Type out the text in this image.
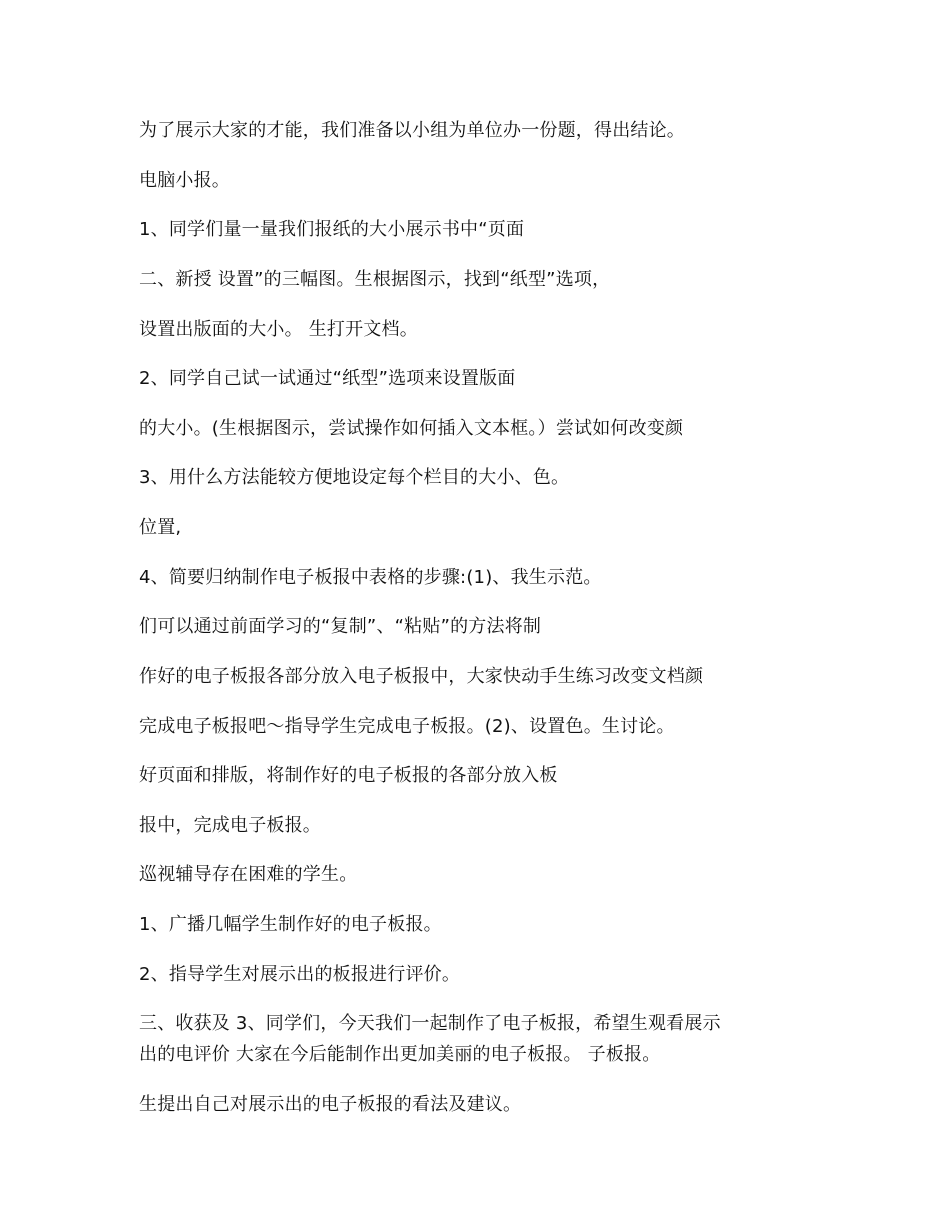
为了展示大家的才能，我们准备以小组为单位办一份题，得出结论。

电脑小报。

1、同学们量一量我们报纸的大小展示书中“页面

二、新授 设置”的三幅图。生根据图示，找到“纸型”选项，

设置出版面的大小。 生打开文档。

2、同学自己试一试通过“纸型”选项来设置版面

的大小。(生根据图示，尝试操作如何插入文本框。）尝试如何改变颜

3、用什么方法能较方便地设定每个栏目的大小、色。

位置,

4、简要归纳制作电子板报中表格的步骤:(1)、我生示范。

们可以通过前面学习的“复制”、“粘贴”的方法将制

作好的电子板报各部分放入电子板报中，大家快动手生练习改变文档颜

完成电子板报吧～指导学生完成电子板报。(2)、设置色。生讨论。

好页面和排版，将制作好的电子板报的各部分放入板

报中，完成电子板报。

巡视辅导存在困难的学生。

1、广播几幅学生制作好的电子板报。

2、指导学生对展示出的板报进行评价。

三、收获及 3、同学们，今天我们一起制作了电子板报，希望生观看展示

出的电评价 大家在今后能制作出更加美丽的电子板报。 子板报。

生提出自己对展示出的电子板报的看法及建议。
